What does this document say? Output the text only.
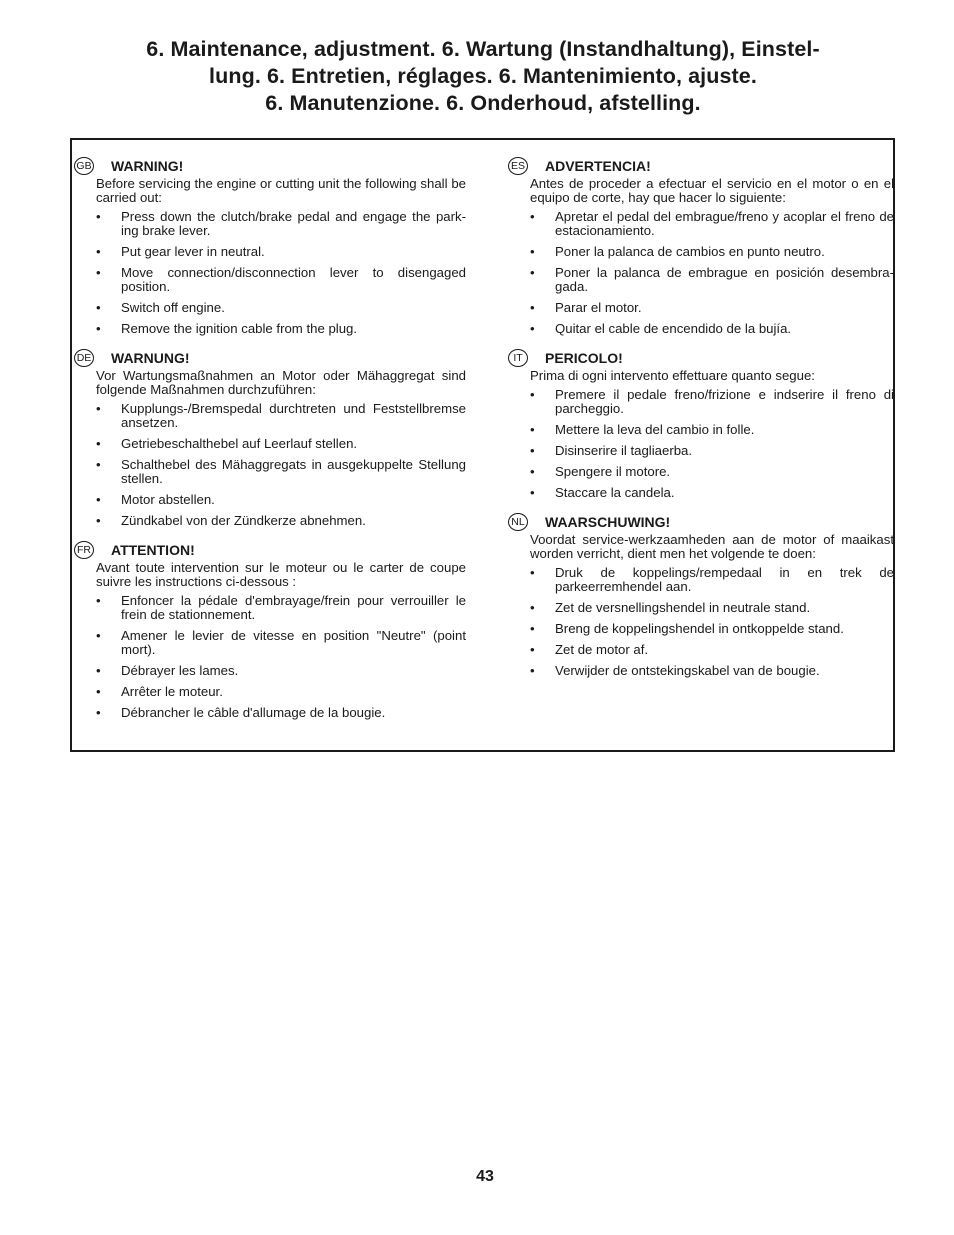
6. Maintenance, adjustment. 6. Wartung (Instandhaltung), Einstel-
lung. 6. Entretien, réglages. 6. Mantenimiento, ajuste.
6. Manutenzione. 6. Onderhoud, afstelling.
GB WARNING!
Before servicing the engine or cutting unit the following shall be carried out:
• Press down the clutch/brake pedal and engage the park-ing brake lever.
• Put gear lever in neutral.
• Move connection/disconnection lever to disengaged position.
• Switch off engine.
• Remove the ignition cable from the plug.
DE WARNUNG!
Vor Wartungsmaßnahmen an Motor oder Mähaggregat sind folgende Maßnahmen durchzuführen:
• Kupplungs-/Bremspedal durchtreten und Feststellbremse ansetzen.
• Getriebeschalthebel auf Leerlauf stellen.
• Schalthebel des Mähaggregats in ausgekuppelte Stellung stellen.
• Motor abstellen.
• Zündkabel von der Zündkerze abnehmen.
FR ATTENTION!
Avant toute intervention sur le moteur ou le carter de coupe suivre les instructions ci-dessous :
• Enfoncer la pédale d'embrayage/frein pour verrouiller le frein de stationnement.
• Amener le levier de vitesse en position "Neutre" (point mort).
• Débrayer les lames.
• Arrêter le moteur.
• Débrancher le câble d'allumage de la bougie.
ES ADVERTENCIA!
Antes de proceder a efectuar el servicio en el motor o en el equipo de corte, hay que hacer lo siguiente:
• Apretar el pedal del embrague/freno y acoplar el freno de estacionamiento.
• Poner la palanca de cambios en punto neutro.
• Poner la palanca de embrague en posición desembra-gada.
• Parar el motor.
• Quitar el cable de encendido de la bujía.
IT	PERICOLO!
Prima di ogni intervento effettuare quanto segue:
• Premere il pedale freno/frizione e indserire il freno di parcheggio.
• Mettere la leva del cambio in folle.
• Disinserire il tagliaerba.
• Spengere il motore.
• Staccare la candela.
NL WAARSCHUWING!
Voordat service-werkzaamheden aan de motor of maaikast worden verricht, dient men het volgende te doen:
• Druk de koppelings/rempedaal in en trek de parkeerremhendel aan.
• Zet de versnellingshendel in neutrale stand.
• Breng de koppelingshendel in ontkoppelde stand.
• Zet de motor af.
• Verwijder de ontstekingskabel van de bougie.
43
